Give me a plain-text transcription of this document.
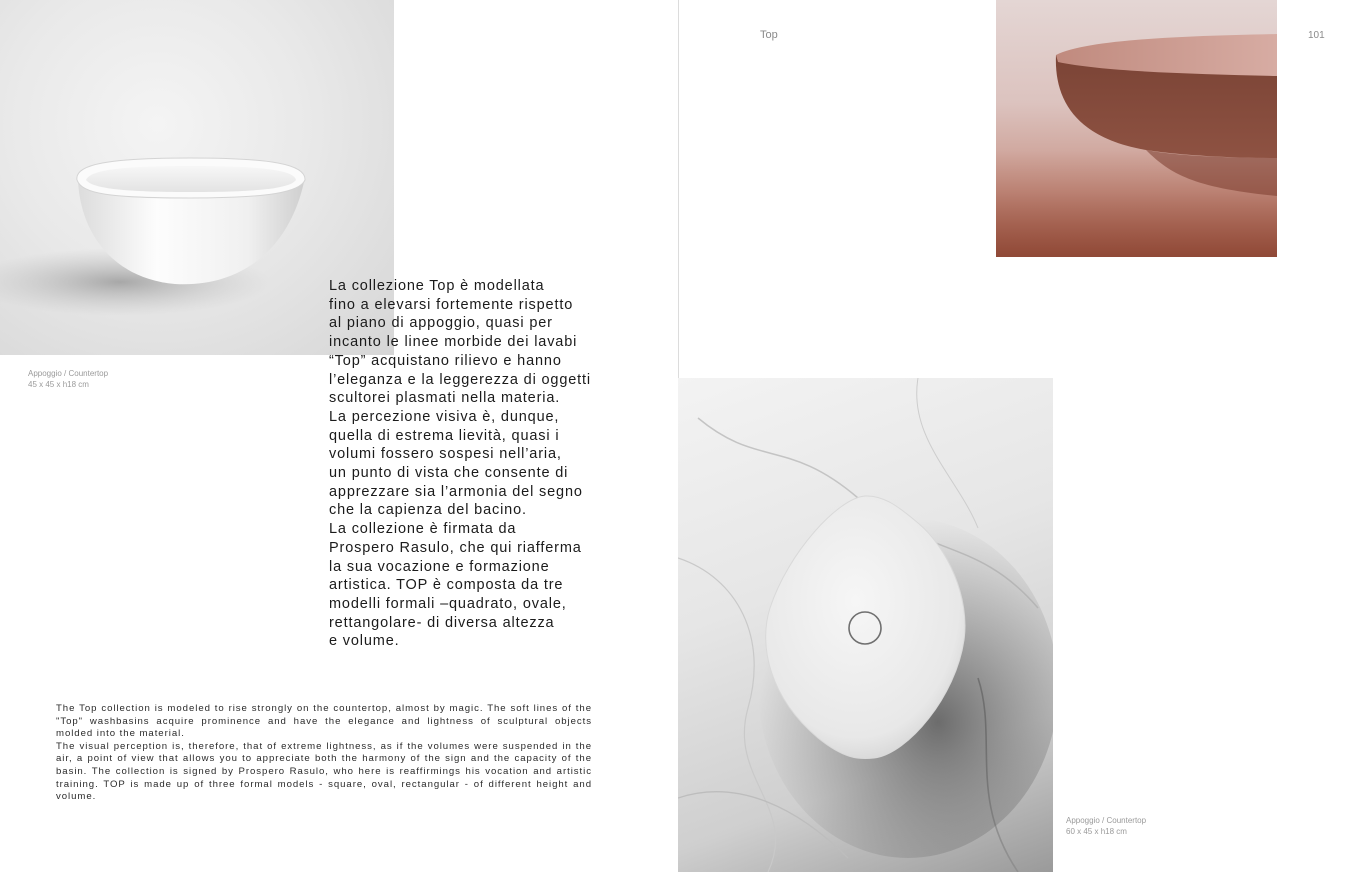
Top	101
Appoggio / Countertop
45 x 45 x h18 cm
Appoggio / Countertop
60 x 45 x h18 cm
La collezione Top è modellata
fino a elevarsi fortemente rispetto
al piano di appoggio, quasi per
incanto le linee morbide dei lavabi
“Top” acquistano rilievo e hanno
l’eleganza e la leggerezza di oggetti
scultorei plasmati nella materia.
La percezione visiva è, dunque,
quella di estrema lievità, quasi i
volumi fossero sospesi nell’aria,
un punto di vista che consente di
apprezzare sia l’armonia del segno
che la capienza del bacino.
La collezione è firmata da
Prospero Rasulo, che qui riafferma
la sua vocazione e formazione
artistica. TOP è composta da tre
modelli formali –quadrato, ovale,
rettangolare- di diversa altezza
e volume.
The Top collection is modeled to rise strongly on the countertop, almost by magic. The soft lines of the "Top" washbasins acquire prominence and have the elegance and lightness of sculptural objects molded into the material.
The visual perception is, therefore, that of extreme lightness, as if the volumes were suspended in the air, a point of view that allows you to appreciate both the harmony of the sign and the capacity of the basin. The collection is signed by Prospero Rasulo, who here is reaffirmings his vocation and artistic training. TOP is made up of three formal models - square, oval, rectangular - of different height and volume.
